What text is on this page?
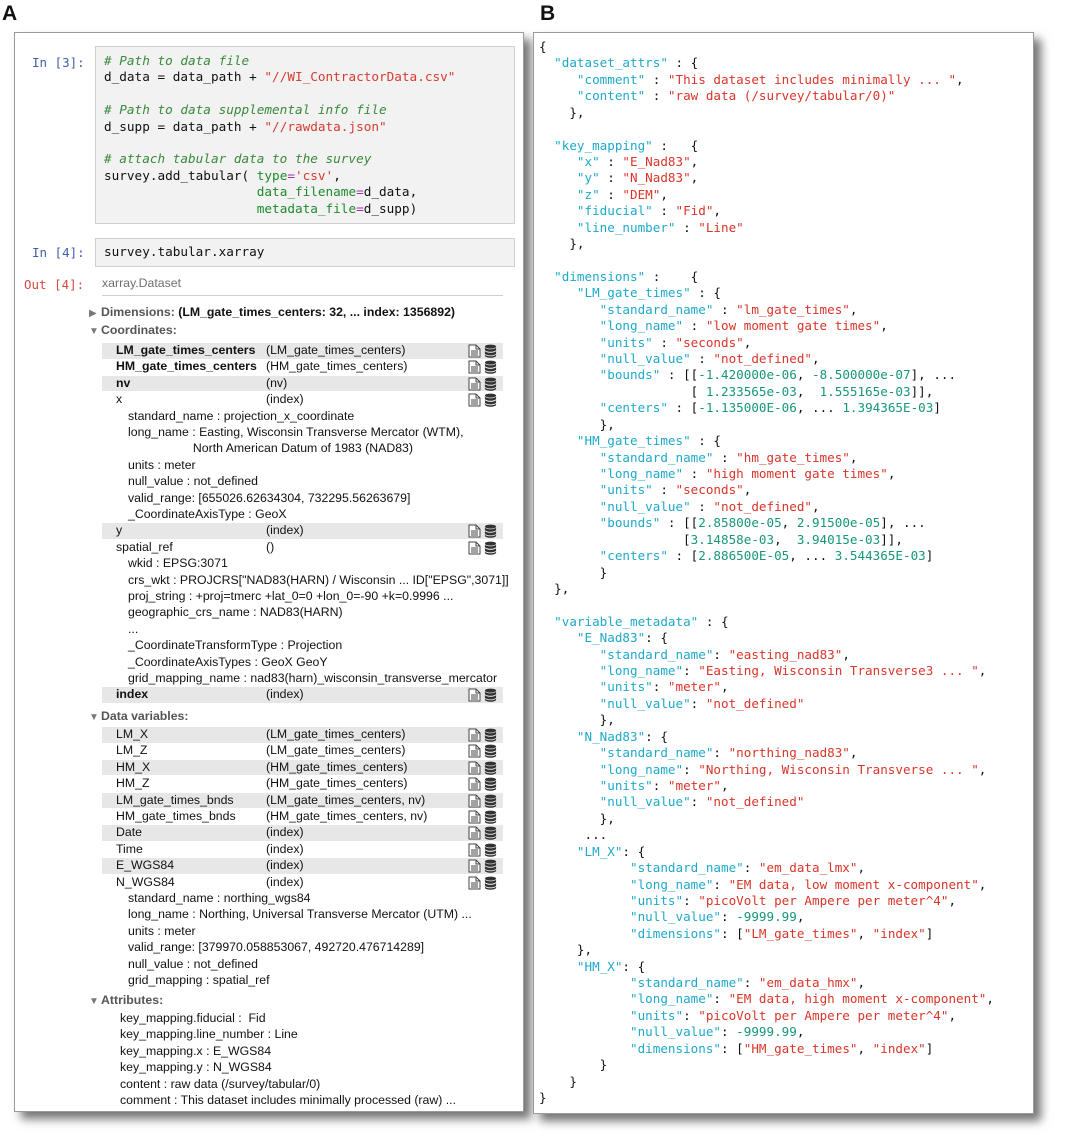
A	B
In [3]: # Path to data file
d_data = data_path + "//WI_ContractorData.csv"

# Path to data supplemental info file
d_supp = data_path + "//rawdata.json"

# attach tabular data to the survey
survey.add_tabular( type='csv',
data_filename=d_data,
metadata_file=d_supp)
In [4]: survey.tabular.xarray
Out [4]: xarray.Dataset
▶ Dimensions: (LM_gate_times_centers: 32, ... index: 1356892)
▼ Coordinates:
LM_gate_times_centers (LM_gate_times_centers)
HM_gate_times_centers (HM_gate_times_centers)
nv	(nv)
x	(index)
standard_name : projection_x_coordinate
long_name : Easting, Wisconsin Transverse Mercator (WTM),
North American Datum of 1983 (NAD83)
units : meter
null_value : not_defined
valid_range: [655026.62634304, 732295.56263679]
_CoordinateAxisType : GeoX
y	(index)
spatial_ref	()
wkid : EPSG:3071
crs_wkt : PROJCRS["NAD83(HARN) / Wisconsin ... ID["EPSG",3071]]
proj_string : +proj=tmerc +lat_0=0 +lon_0=-90 +k=0.9996 ...
geographic_crs_name : NAD83(HARN)
...
_CoordinateTransformType : Projection
_CoordinateAxisTypes : GeoX GeoY
grid_mapping_name : nad83(harn)_wisconsin_transverse_mercator
index	(index)
▼ Data variables:
LM_X	(LM_gate_times_centers)
LM_Z	(LM_gate_times_centers)
HM_X	(HM_gate_times_centers)
HM_Z	(HM_gate_times_centers)
LM_gate_times_bnds	(LM_gate_times_centers, nv)
HM_gate_times_bnds (HM_gate_times_centers, nv)
Date	(index)
Time	(index)
E_WGS84	(index)
N_WGS84	(index)
standard_name : northing_wgs84
long_name : Northing, Universal Transverse Mercator (UTM) ...
units : meter
valid_range: [379970.058853067, 492720.476714289]
null_value : not_defined
grid_mapping : spatial_ref
▼ Attributes:
key_mapping.fiducial :  Fid
key_mapping.line_number : Line
key_mapping.x : E_WGS84
key_mapping.y : N_WGS84
content : raw data (/survey/tabular/0)
comment : This dataset includes minimally processed (raw) ...
{
"dataset_attrs" : {
"comment" : "This dataset includes minimally ... ",
"content" : "raw data (/survey/tabular/0)"
},

"key_mapping" :   {
"x" : "E_Nad83",
"y" : "N_Nad83",
"z" : "DEM",
"fiducial" : "Fid",
"line_number" : "Line"
},

"dimensions" :    {
"LM_gate_times" : {
"standard_name" : "lm_gate_times",
"long_name" : "low moment gate times",
"units" : "seconds",
"null_value" : "not_defined",
"bounds" : [[-1.420000e-06, -8.500000e-07], ...
[ 1.233565e-03,  1.555165e-03]],
"centers" : [-1.135000E-06, ... 1.394365E-03]
},
"HM_gate_times" : {
"standard_name" : "hm_gate_times",
"long_name" : "high moment gate times",
"units" : "seconds",
"null_value" : "not_defined",
"bounds" : [[2.85800e-05, 2.91500e-05], ...
[3.14858e-03,  3.94015e-03]],
"centers" : [2.886500E-05, ... 3.544365E-03]
}
},

"variable_metadata" : {
"E_Nad83": {
"standard_name": "easting_nad83",
"long_name": "Easting, Wisconsin Transverse3 ... ",
"units": "meter",
"null_value": "not_defined"
},
"N_Nad83": {
"standard_name": "northing_nad83",
"long_name": "Northing, Wisconsin Transverse ... ",
"units": "meter",
"null_value": "not_defined"
},
...
"LM_X": {
"standard_name": "em_data_lmx",
"long_name": "EM data, low moment x-component",
"units": "picoVolt per Ampere per meter^4",
"null_value": -9999.99,
"dimensions": ["LM_gate_times", "index"]
},
"HM_X": {
"standard_name": "em_data_hmx",
"long_name": "EM data, high moment x-component",
"units": "picoVolt per Ampere per meter^4",
"null_value": -9999.99,
"dimensions": ["HM_gate_times", "index"]
}
}
}
